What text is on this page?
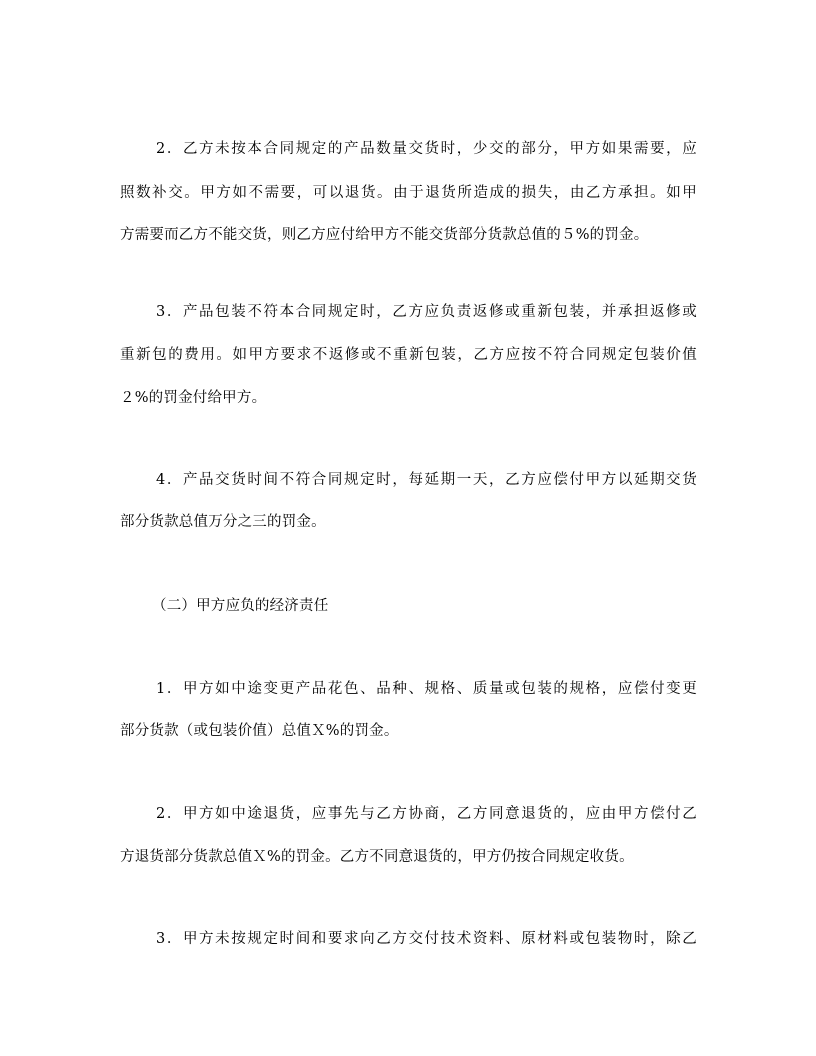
2．乙方未按本合同规定的产品数量交货时，少交的部分，甲方如果需要，应
照数补交。甲方如不需要，可以退货。由于退货所造成的损失，由乙方承担。如甲
方需要而乙方不能交货，则乙方应付给甲方不能交货部分货款总值的５%的罚金。
3．产品包装不符本合同规定时，乙方应负责返修或重新包装，并承担返修或
重新包的费用。如甲方要求不返修或不重新包装，乙方应按不符合同规定包装价值
２%的罚金付给甲方。
4．产品交货时间不符合同规定时，每延期一天，乙方应偿付甲方以延期交货
部分货款总值万分之三的罚金。
（二）甲方应负的经济责任
1．甲方如中途变更产品花色、品种、规格、质量或包装的规格，应偿付变更
部分货款（或包装价值）总值Ｘ%的罚金。
2．甲方如中途退货，应事先与乙方协商，乙方同意退货的，应由甲方偿付乙
方退货部分货款总值Ｘ%的罚金。乙方不同意退货的，甲方仍按合同规定收货。
3．甲方未按规定时间和要求向乙方交付技术资料、原材料或包装物时，除乙
